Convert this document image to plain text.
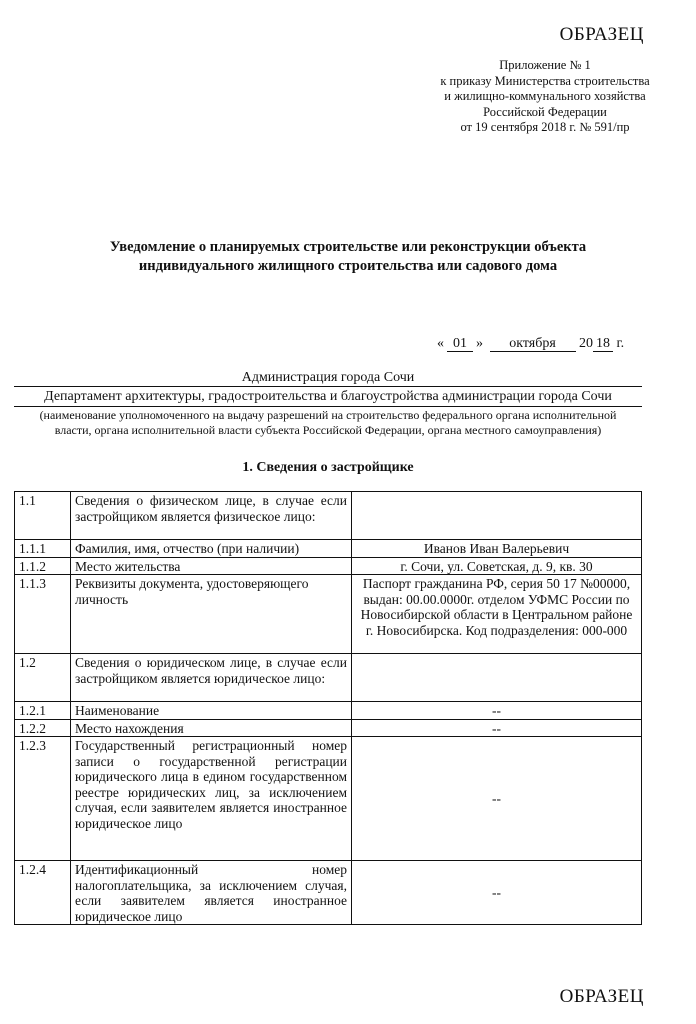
ОБРАЗЕЦ
Приложение № 1
к приказу Министерства строительства
и жилищно-коммунального хозяйства
Российской Федерации
от 19 сентября 2018 г. № 591/пр
Уведомление о планируемых строительстве или реконструкции объекта
индивидуального жилищного строительства или садового дома
« 01 » октября 20 18 г.
Администрация города Сочи
Департамент архитектуры, градостроительства и благоустройства администрации города Сочи
(наименование уполномоченного на выдачу разрешений на строительство федерального органа исполнительной
власти, органа исполнительной власти субъекта Российской Федерации, органа местного самоуправления)
1. Сведения о застройщике
1.1	Сведения о физическом лице, в случае если застройщиком является физическое лицо:	
1.1.1	Фамилия, имя, отчество (при наличии)	Иванов Иван Валерьевич
1.1.2	Место жительства	г. Сочи, ул. Советская, д. 9, кв. 30
1.1.3	Реквизиты документа, удостоверяющего личность	Паспорт гражданина РФ, серия 50 17 №00000, выдан: 00.00.0000г. отделом УФМС России по Новосибирской области в Центральном районе г. Новосибирска. Код подразделения: 000-000
1.2	Сведения о юридическом лице, в случае если застройщиком является юридическое лицо:	
1.2.1	Наименование	--
1.2.2	Место нахождения	--
1.2.3	Государственный регистрационный номер записи о государственной регистрации юридического лица в едином государственном реестре юридических лиц, за исключением случая, если заявителем является иностранное юридическое лицо	--
1.2.4	Идентификационный номер налогоплательщика, за исключением случая, если заявителем является иностранное юридическое лицо	--
ОБРАЗЕЦ
